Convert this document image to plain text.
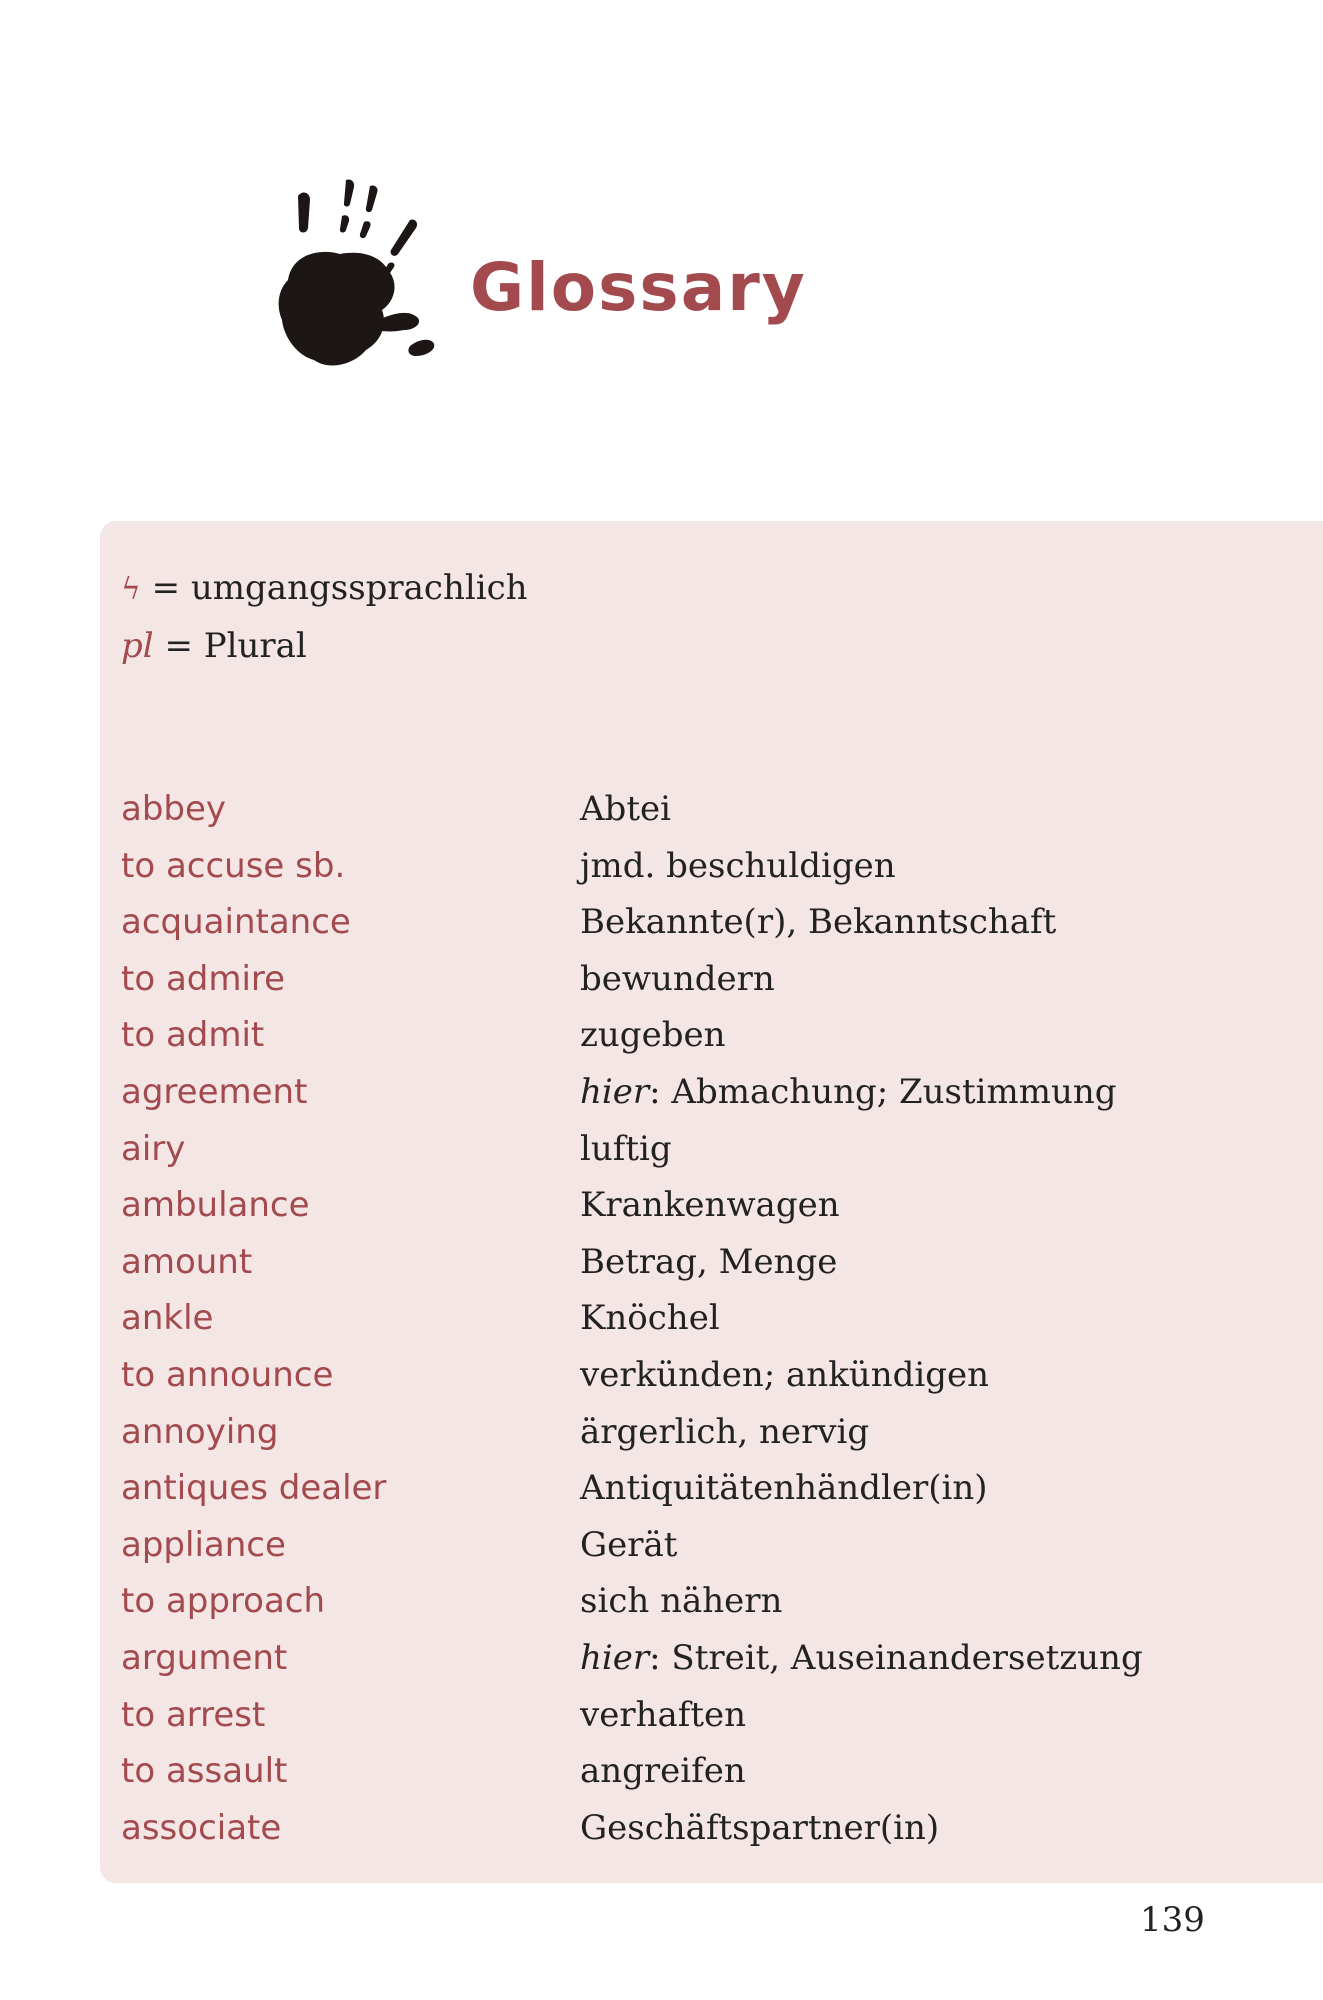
Glossary
ϟ = umgangssprachlich
pl = Plural
abbey	Abtei
to accuse sb.	jmd. beschuldigen
acquaintance	Bekannte(r), Bekanntschaft
to admire	bewundern
to admit	zugeben
agreement	hier: Abmachung; Zustimmung
airy	luftig
ambulance	Krankenwagen
amount	Betrag, Menge
ankle	Knöchel
to announce	verkünden; ankündigen
annoying	ärgerlich, nervig
antiques dealer	Antiquitätenhändler(in)
appliance	Gerät
to approach	sich nähern
argument	hier: Streit, Auseinandersetzung
to arrest	verhaften
to assault	angreifen
associate	Geschäftspartner(in)
139
